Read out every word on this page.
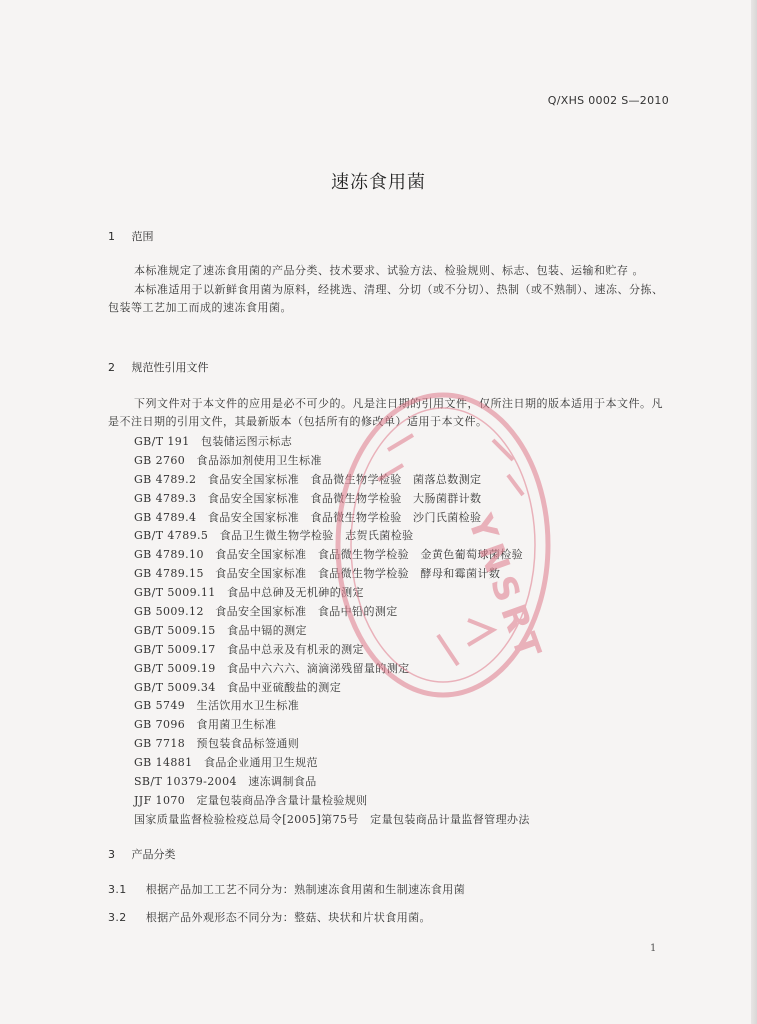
Q/XHS 0002 S—2010
速冻食用菌
1 范围
本标准规定了速冻食用菌的产品分类、技术要求、试验方法、检验规则、标志、包装、运输和贮存 。
本标准适用于以新鲜食用菌为原料，经挑选、清理、分切（或不分切）、热制（或不熟制）、速冻、分拣、包装等工艺加工而成的速冻食用菌。
2 规范性引用文件
下列文件对于本文件的应用是必不可少的。凡是注日期的引用文件，仅所注日期的版本适用于本文件。凡是不注日期的引用文件，其最新版本（包括所有的修改单）适用于本文件。
GB/T 191　包装储运图示标志
GB 2760　食品添加剂使用卫生标准
GB 4789.2　食品安全国家标准　食品微生物学检验　菌落总数测定
GB 4789.3　食品安全国家标准　食品微生物学检验　大肠菌群计数
GB 4789.4　食品安全国家标准　食品微生物学检验　沙门氏菌检验
GB/T 4789.5　食品卫生微生物学检验　志贺氏菌检验
GB 4789.10　食品安全国家标准　食品微生物学检验　金黄色葡萄球菌检验
GB 4789.15　食品安全国家标准　食品微生物学检验　酵母和霉菌计数
GB/T 5009.11　食品中总砷及无机砷的测定
GB 5009.12　食品安全国家标准　食品中铅的测定
GB/T 5009.15　食品中镉的测定
GB/T 5009.17　食品中总汞及有机汞的测定
GB/T 5009.19　食品中六六六、滴滴涕残留量的测定
GB/T 5009.34　食品中亚硫酸盐的测定
GB 5749　生活饮用水卫生标准
GB 7096　食用菌卫生标准
GB 7718　预包装食品标签通则
GB 14881　食品企业通用卫生规范
SB/T 10379-2004　速冻调制食品
JJF 1070　定量包装商品净含量计量检验规则
国家质量监督检验检疫总局令[2005]第75号　定量包装商品计量监督管理办法
3 产品分类
3.1 根据产品加工工艺不同分为：熟制速冻食用菌和生制速冻食用菌
3.2 根据产品外观形态不同分为：整菇、块状和片状食用菌。
1
YNSRT
